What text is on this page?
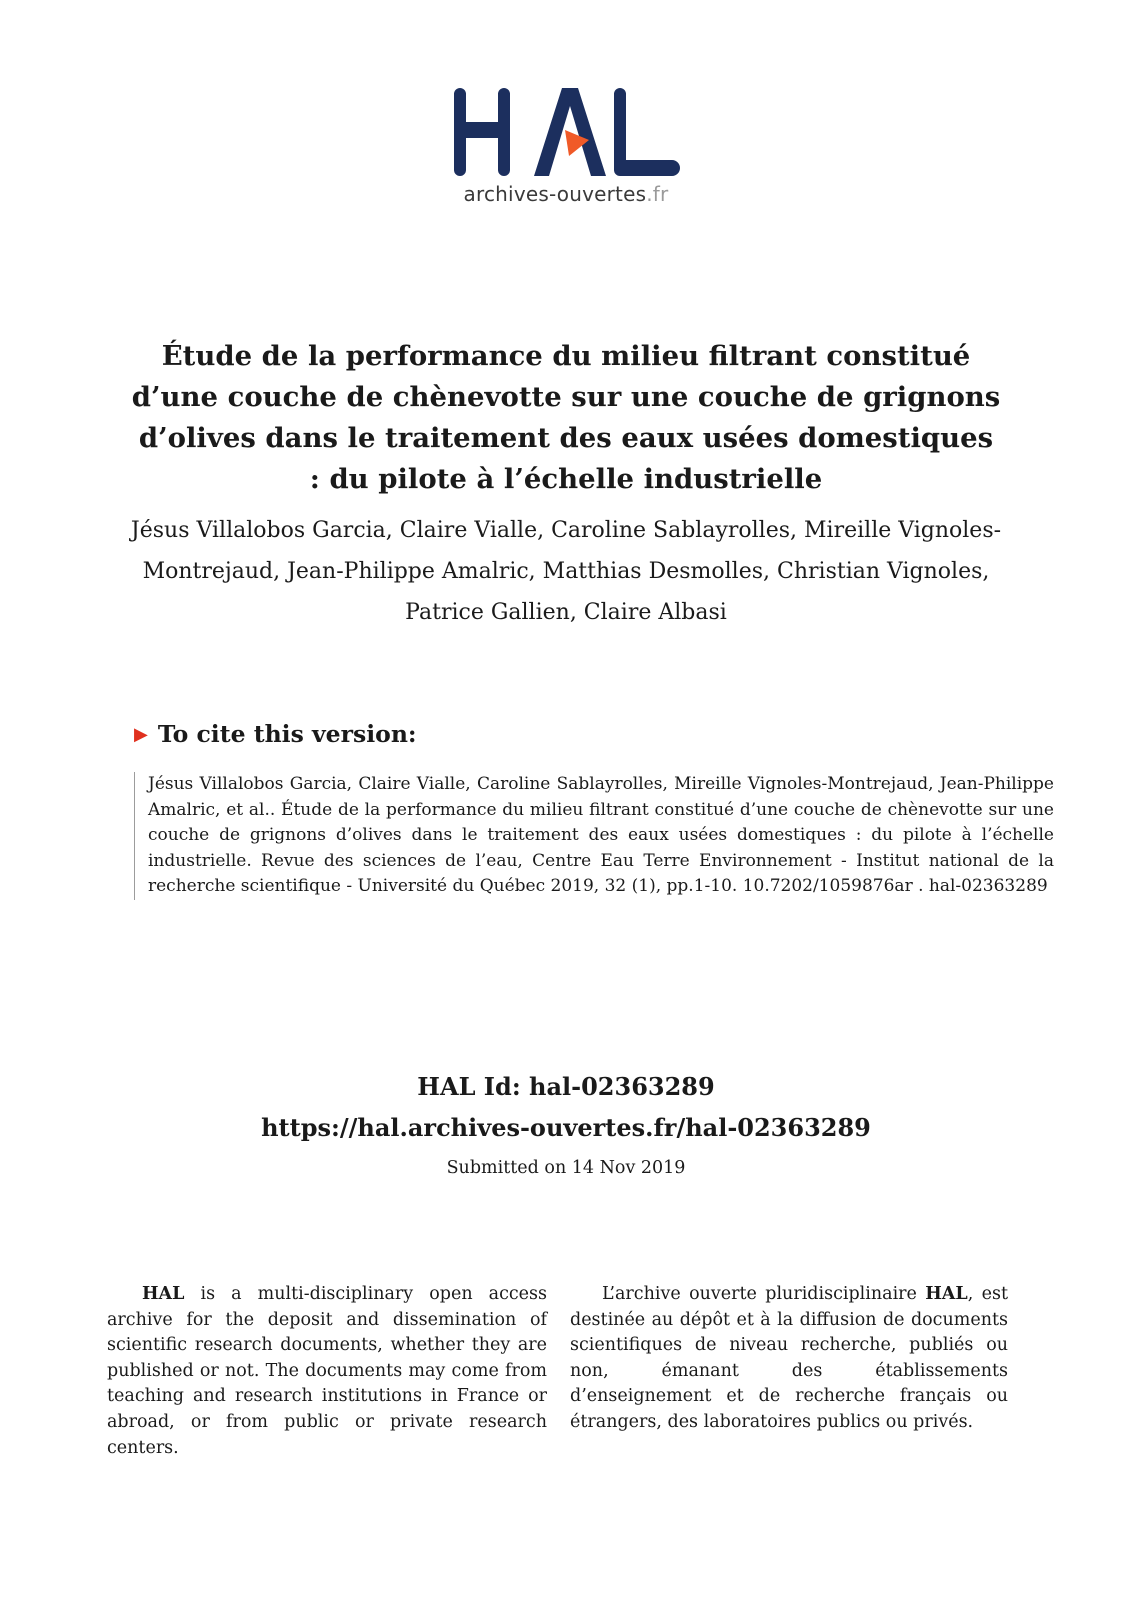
archives-ouvertes.fr
Étude de la performance du milieu filtrant constitué d’une couche de chènevotte sur une couche de grignons d’olives dans le traitement des eaux usées domestiques : du pilote à l’échelle industrielle

Jésus Villalobos Garcia, Claire Vialle, Caroline Sablayrolles, Mireille Vignoles-Montrejaud, Jean-Philippe Amalric, Matthias Desmolles, Christian Vignoles, Patrice Gallien, Claire Albasi

▶ To cite this version:
Jésus Villalobos Garcia, Claire Vialle, Caroline Sablayrolles, Mireille Vignoles-Montrejaud, Jean-Philippe Amalric, et al.. Étude de la performance du milieu filtrant constitué d’une couche de chènevotte sur une couche de grignons d’olives dans le traitement des eaux usées domestiques : du pilote à l’échelle industrielle. Revue des sciences de l’eau, Centre Eau Terre Environnement - Institut national de la recherche scientifique - Université du Québec 2019, 32 (1), pp.1-10. 10.7202/1059876ar . hal-02363289
HAL Id: hal-02363289
https://hal.archives-ouvertes.fr/hal-02363289
Submitted on 14 Nov 2019
HAL is a multi-disciplinary open access archive for the deposit and dissemination of scientific research documents, whether they are published or not. The documents may come from teaching and research institutions in France or abroad, or from public or private research centers.
L’archive ouverte pluridisciplinaire HAL, est destinée au dépôt et à la diffusion de documents scientifiques de niveau recherche, publiés ou non, émanant des établissements d’enseignement et de recherche français ou étrangers, des laboratoires publics ou privés.
